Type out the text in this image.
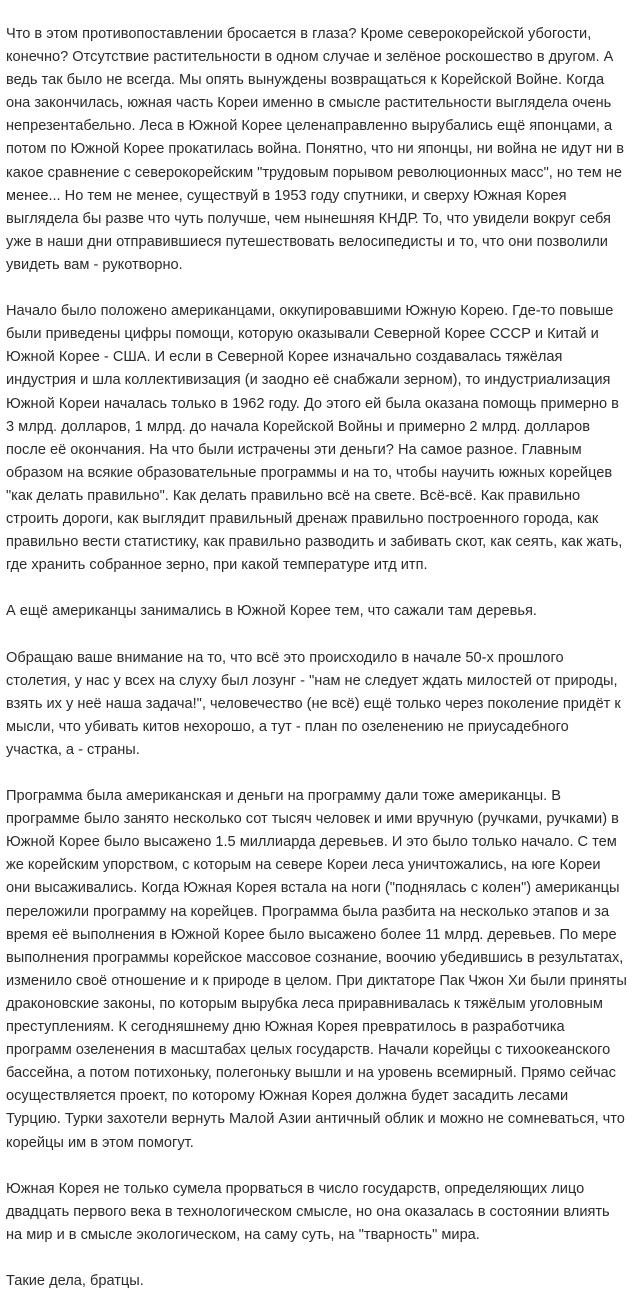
Что в этом противопоставлении бросается в глаза? Кроме северокорейской убогости, конечно? Отсутствие растительности в одном случае и зелёное роскошество в другом. А ведь так было не всегда. Мы опять вынуждены возвращаться к Корейской Войне. Когда она закончилась, южная часть Кореи именно в смысле растительности выглядела очень непрезентабельно. Леса в Южной Корее целенаправленно вырубались ещё японцами, а потом по Южной Корее прокатилась война. Понятно, что ни японцы, ни война не идут ни в какое сравнение с северокорейским "трудовым порывом революционных масс", но тем не менее... Но тем не менее, существуй в 1953 году спутники, и сверху Южная Корея выглядела бы разве что чуть получше, чем нынешняя КНДР. То, что увидели вокруг себя уже в наши дни отправившиеся путешествовать велосипедисты и то, что они позволили увидеть вам - рукотворно.

Начало было положено американцами, оккупировавшими Южную Корею. Где-то повыше были приведены цифры помощи, которую оказывали Северной Корее СССР и Китай и Южной Корее - США. И если в Северной Корее изначально создавалась тяжёлая индустрия и шла коллективизация (и заодно её снабжали зерном), то индустриализация Южной Кореи началась только в 1962 году. До этого ей была оказана помощь примерно в 3 млрд. долларов, 1 млрд. до начала Корейской Войны и примерно 2 млрд. долларов после её окончания. На что были истрачены эти деньги? На самое разное. Главным образом на всякие образовательные программы и на то, чтобы научить южных корейцев "как делать правильно". Как делать правильно всё на свете. Всё-всё. Как правильно строить дороги, как выглядит правильный дренаж правильно построенного города, как правильно вести статистику, как правильно разводить и забивать скот, как сеять, как жать, где хранить собранное зерно, при какой температуре итд итп.

А ещё американцы занимались в Южной Корее тем, что сажали там деревья.

Обращаю ваше внимание на то, что всё это происходило в начале 50-х прошлого столетия, у нас у всех на слуху был лозунг - "нам не следует ждать милостей от природы, взять их у неё наша задача!", человечество (не всё) ещё только через поколение придёт к мысли, что убивать китов нехорошо, а тут - план по озеленению не приусадебного участка, а - страны.

Программа была американская и деньги на программу дали тоже американцы. В программе было занято несколько сот тысяч человек и ими вручную (ручками, ручками) в Южной Корее было высажено 1.5 миллиарда деревьев. И это было только начало. С тем же корейским упорством, с которым на севере Кореи леса уничтожались, на юге Кореи они высаживались. Когда Южная Корея встала на ноги ("поднялась с колен") американцы переложили программу на корейцев. Программа была разбита на несколько этапов и за время её выполнения в Южной Корее было высажено более 11 млрд. деревьев. По мере выполнения программы корейское массовое сознание, воочию убедившись в результатах, изменило своё отношение и к природе в целом. При диктаторе Пак Чжон Хи были приняты драконовские законы, по которым вырубка леса приравнивалась к тяжёлым уголовным преступлениям. К сегодняшнему дню Южная Корея превратилось в разработчика программ озеленения в масштабах целых государств. Начали корейцы с тихоокеанского бассейна, а потом потихоньку, полегоньку вышли и на уровень всемирный. Прямо сейчас осуществляется проект, по которому Южная Корея должна будет засадить лесами Турцию. Турки захотели вернуть Малой Азии античный облик и можно не сомневаться, что корейцы им в этом помогут.

Южная Корея не только сумела прорваться в число государств, определяющих лицо двадцать первого века в технологическом смысле, но она оказалась в состоянии влиять на мир и в смысле экологическом, на саму суть, на "тварность" мира.

Такие дела, братцы.
